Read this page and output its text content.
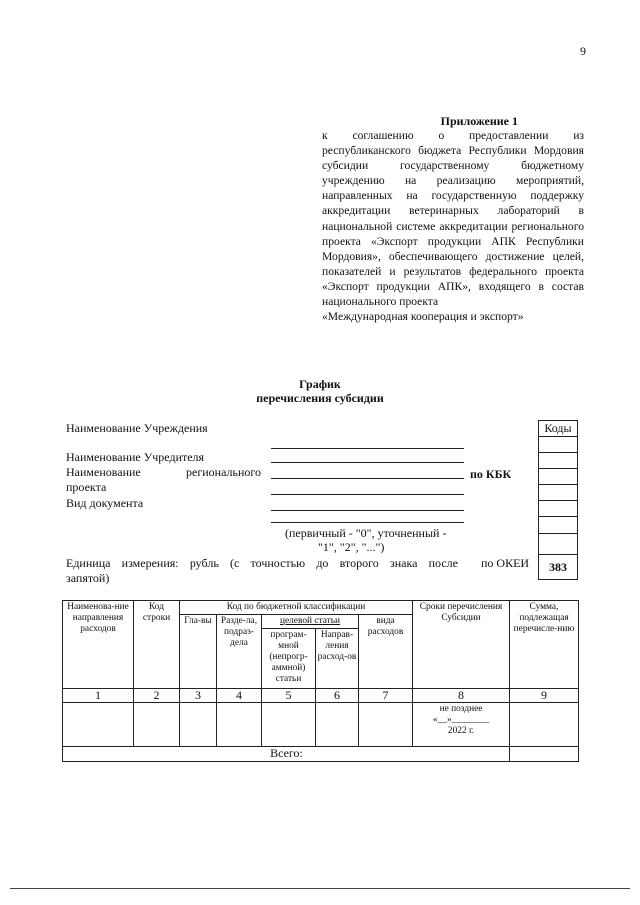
9
Приложение 1
к соглашению о предоставлении из республиканского бюджета Республики Мордовия субсидии государственному бюджетному учреждению на реализацию мероприятий, направленных на государственную поддержку аккредитации ветеринарных лабораторий в национальной системе аккредитации регионального проекта «Экспорт продукции АПК Республики Мордовия», обеспечивающего достижение целей, показателей и результатов федерального проекта «Экспорт продукции АПК», входящего в состав национального проекта
«Международная кооперация и экспорт»
График
перечисления субсидии
Наименование Учреждения
Наименование Учредителя
Наименование	регионального
проекта
по КБК
Вид документа
(первичный - "0", уточненный -
"1", "2", "...")
Единица измерения: рубль (с точностью до второго знака после
запятой)
по ОКЕИ
Коды
383
Наименова-ние направления расходов	Код строки	Код по бюджетной классификации					Сроки перечисления Субсидии	Сумма, подлежащая перечисле-нию
		Гла-вы	Разде-ла, подраз-дела	целевой статьи		вида расходов		
				програм-мной (непрогр-аммной) статьи	Направ-ления расход-ов			
1	2	3	4	5	6	7	8	9

							не позднее
«__»________
2022 г.	

Всего:								
